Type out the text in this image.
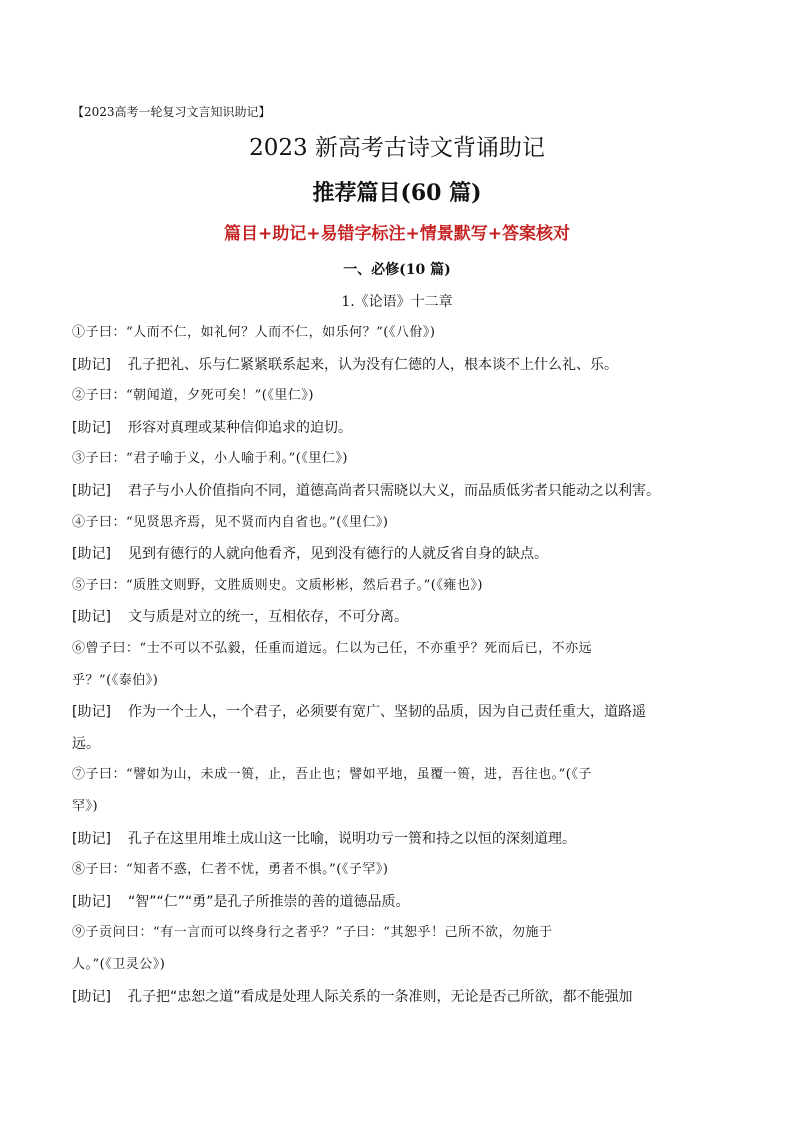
【2023高考一轮复习文言知识助记】
2023 新高考古诗文背诵助记
推荐篇目(60 篇)
篇目+助记+易错字标注+情景默写+答案核对
一、必修(10 篇)
1.《论语》十二章
①子曰：“人而不仁，如礼何？人而不仁，如乐何？”(《八佾》)
[助记] 孔子把礼、乐与仁紧紧联系起来，认为没有仁德的人，根本谈不上什么礼、乐。
②子曰：“朝闻道，夕死可矣！”(《里仁》)
[助记] 形容对真理或某种信仰追求的迫切。
③子曰：“君子喻于义，小人喻于利。”(《里仁》)
[助记] 君子与小人价值指向不同，道德高尚者只需晓以大义，而品质低劣者只能动之以利害。
④子曰：“见贤思齐焉，见不贤而内自省也。”(《里仁》)
[助记] 见到有德行的人就向他看齐，见到没有德行的人就反省自身的缺点。
⑤子曰：“质胜文则野，文胜质则史。文质彬彬，然后君子。”(《雍也》)
[助记] 文与质是对立的统一，互相依存，不可分离。
⑥曾子曰：“士不可以不弘毅，任重而道远。仁以为己任，不亦重乎？死而后已，不亦远
乎？”(《泰伯》)
[助记] 作为一个士人，一个君子，必须要有宽广、坚韧的品质，因为自己责任重大，道路遥
远。
⑦子曰：“譬如为山，未成一篑，止，吾止也；譬如平地，虽覆一篑，进，吾往也。”(《子
罕》)
[助记] 孔子在这里用堆土成山这一比喻，说明功亏一篑和持之以恒的深刻道理。
⑧子曰：“知者不惑，仁者不忧，勇者不惧。”(《子罕》)
[助记] “智”“仁”“勇”是孔子所推崇的善的道德品质。
⑨子贡问曰：“有一言而可以终身行之者乎？”子曰：“其恕乎！己所不欲，勿施于
人。”(《卫灵公》)
[助记] 孔子把“忠恕之道”看成是处理人际关系的一条准则，无论是否己所欲，都不能强加
